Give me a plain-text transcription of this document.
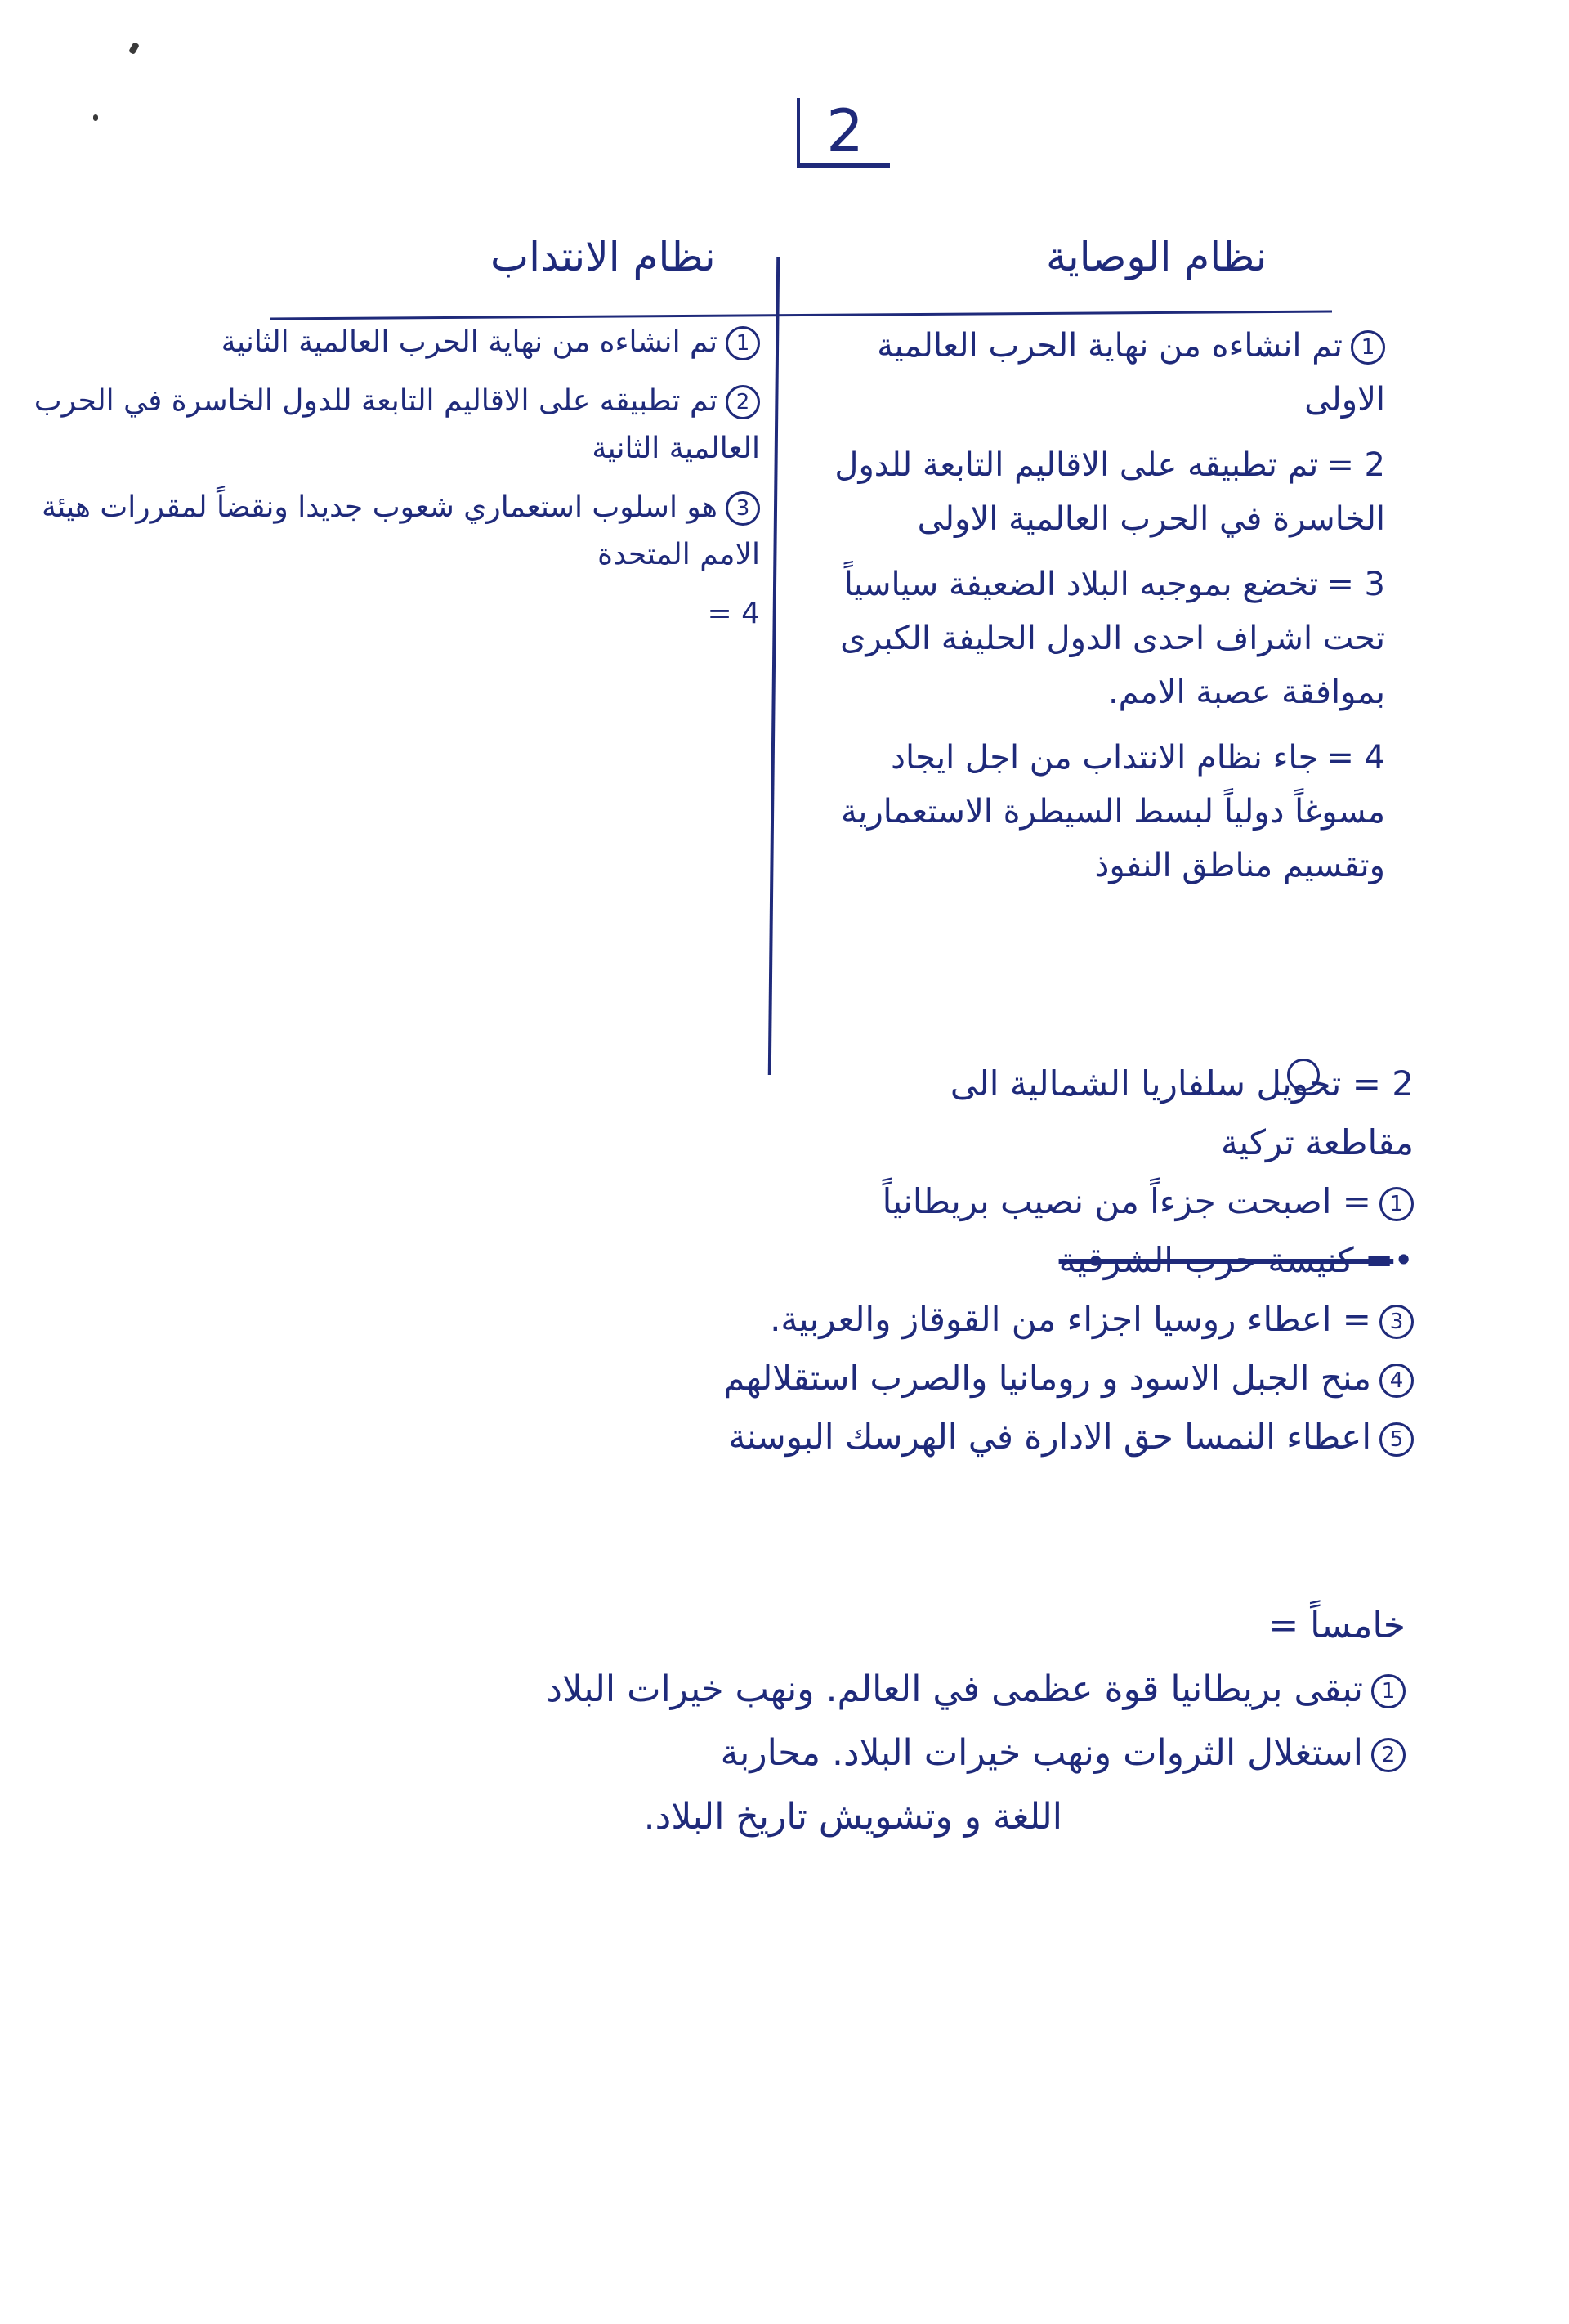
2
نظام الوصاية
نظام الانتداب
1تم انشاءه من نهاية الحرب العالمية الاولى
2 =تم تطبيقه على الاقاليم التابعة للدول الخاسرة في الحرب العالمية الاولى
3 =تخضع بموجبه البلاد الضعيفة سياسياً تحت اشراف احدى الدول الحليفة الكبرى بموافقة عصبة الامم.
4 =جاء نظام الانتداب من اجل ايجاد مسوغاً دولياً لبسط السيطرة الاستعمارية وتقسيم مناطق النفوذ
1تم انشاءه من نهاية الحرب العالمية الثانية
2تم تطبيقه على الاقاليم التابعة للدول الخاسرة في الحرب العالمية الثانية
3هو اسلوب استعماري شعوب جديدا ونقضاً لمقررات هيئة الامم المتحدة
4 =
2 = تحويل سلفاريا الشمالية الى
مقاطعة تركية
1= اصبحت جزءاً من نصيب بريطانياً
•= كنيسة حرب الشرقية
3= اعطاء روسيا اجزاء من القوقاز والعربية.
4منح الجبل الاسود و رومانيا والصرب استقلالهم
5اعطاء النمسا حق الادارة في الهرسك البوسنة
خامساً =
1تبقى بريطانيا قوة عظمى في العالم. ونهب خيرات البلاد
2استغلال الثروات ونهب خيرات البلاد. محاربة
اللغة و وتشويش تاريخ البلاد.
